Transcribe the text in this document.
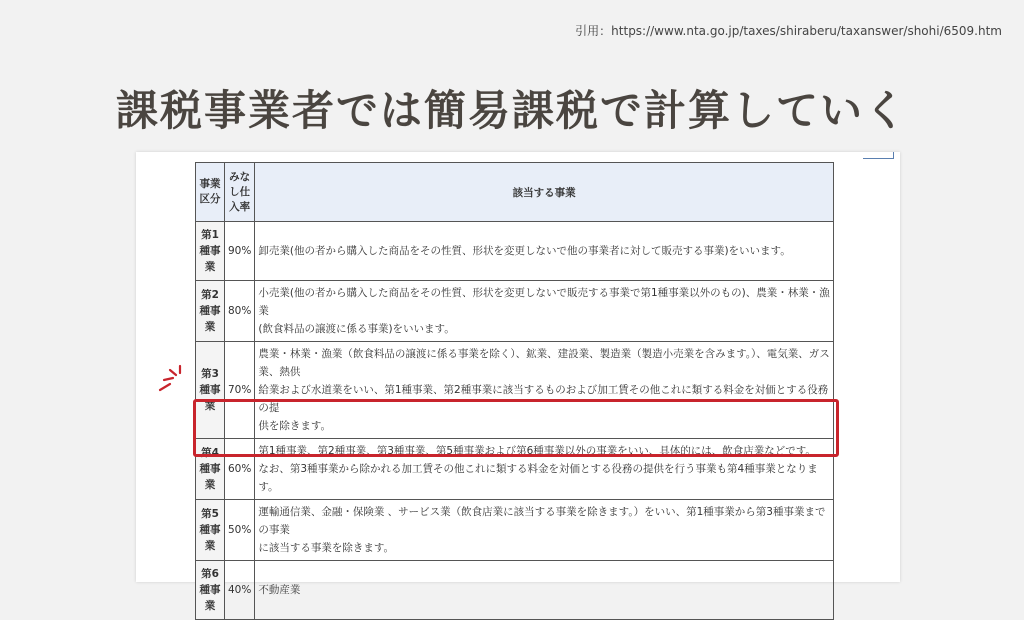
引用：https://www.nta.go.jp/taxes/shiraberu/taxanswer/shohi/6509.htm
課税事業者では簡易課税で計算していく
事業区分	みなし仕入率	該当する事業
第1種事業	90%	卸売業(他の者から購入した商品をその性質、形状を変更しないで他の事業者に対して販売する事業)をいいます。

第2種事業	80%	小売業(他の者から購入した商品をその性質、形状を変更しないで販売する事業で第1種事業以外のもの)、農業・林業・漁業
(飲食料品の譲渡に係る事業)をいいます。

第3種事業	70%	農業・林業・漁業（飲食料品の譲渡に係る事業を除く）、鉱業、建設業、製造業（製造小売業を含みます。）、電気業、ガス業、熱供
給業および水道業をいい、第1種事業、第2種事業に該当するものおよび加工賃その他これに類する料金を対価とする役務の提
供を除きます。

第4種事業	60%	第1種事業、第2種事業、第3種事業、第5種事業および第6種事業以外の事業をいい、具体的には、飲食店業などです。
なお、第3種事業から除かれる加工賃その他これに類する料金を対価とする役務の提供を行う事業も第4種事業となります。

第5種事業	50%	運輸通信業、金融・保険業 、サービス業（飲食店業に該当する事業を除きます。）をいい、第1種事業から第3種事業までの事業
に該当する事業を除きます。

第6種事業	40%	不動産業
